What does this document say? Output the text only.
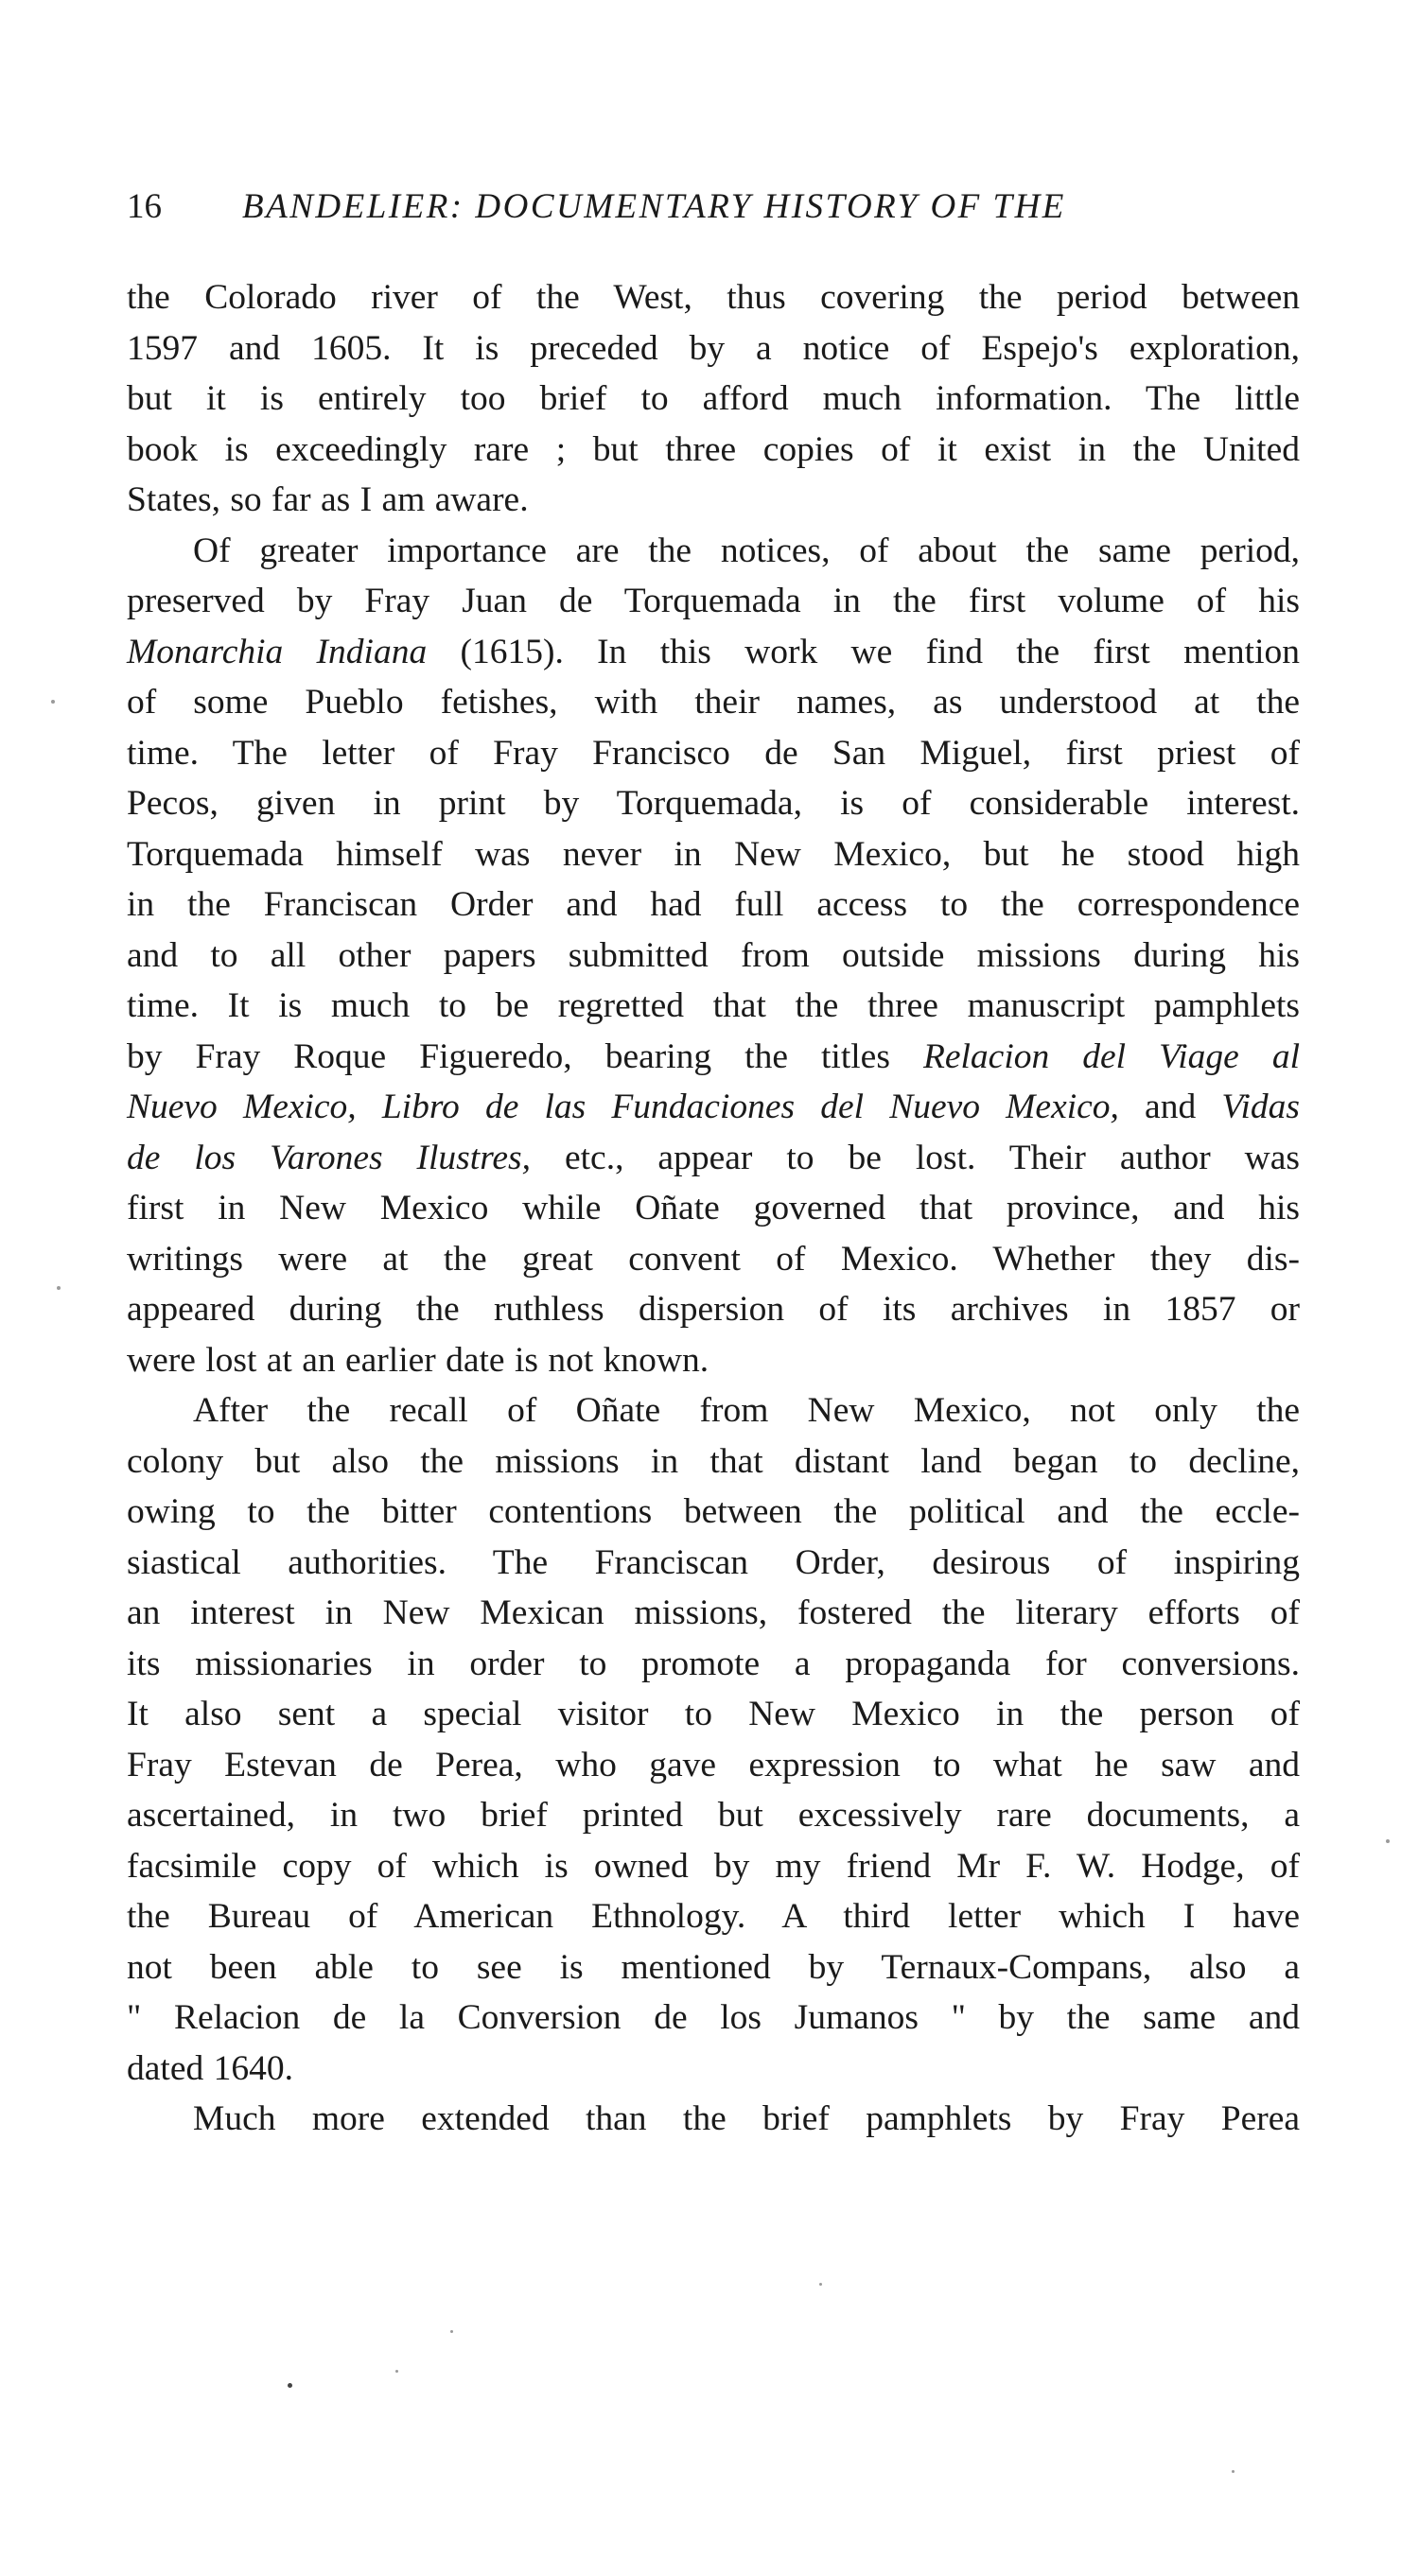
16 BANDELIER: DOCUMENTARY HISTORY OF THE
the Colorado river of the West, thus covering the period between
1597 and 1605. It is preceded by a notice of Espejo's exploration,
but it is entirely too brief to afford much information. The little
book is exceedingly rare ; but three copies of it exist in the United
States, so far as I am aware.
Of greater importance are the notices, of about the same period,
preserved by Fray Juan de Torquemada in the first volume of his
Monarchia Indiana (1615). In this work we find the first mention
of some Pueblo fetishes, with their names, as understood at the
time. The letter of Fray Francisco de San Miguel, first priest of
Pecos, given in print by Torquemada, is of considerable interest.
Torquemada himself was never in New Mexico, but he stood high
in the Franciscan Order and had full access to the correspondence
and to all other papers submitted from outside missions during his
time. It is much to be regretted that the three manuscript pamphlets
by Fray Roque Figueredo, bearing the titles Relacion del Viage al
Nuevo Mexico, Libro de las Fundaciones del Nuevo Mexico, and Vidas
de los Varones Ilustres, etc., appear to be lost. Their author was
first in New Mexico while Oñate governed that province, and his
writings were at the great convent of Mexico. Whether they dis-
appeared during the ruthless dispersion of its archives in 1857 or
were lost at an earlier date is not known.
After the recall of Oñate from New Mexico, not only the
colony but also the missions in that distant land began to decline,
owing to the bitter contentions between the political and the eccle-
siastical authorities. The Franciscan Order, desirous of inspiring
an interest in New Mexican missions, fostered the literary efforts of
its missionaries in order to promote a propaganda for conversions.
It also sent a special visitor to New Mexico in the person of
Fray Estevan de Perea, who gave expression to what he saw and
ascertained, in two brief printed but excessively rare documents, a
facsimile copy of which is owned by my friend Mr F. W. Hodge, of
the Bureau of American Ethnology. A third letter which I have
not been able to see is mentioned by Ternaux-Compans, also a
" Relacion de la Conversion de los Jumanos " by the same and
dated 1640.
Much more extended than the brief pamphlets by Fray Perea
